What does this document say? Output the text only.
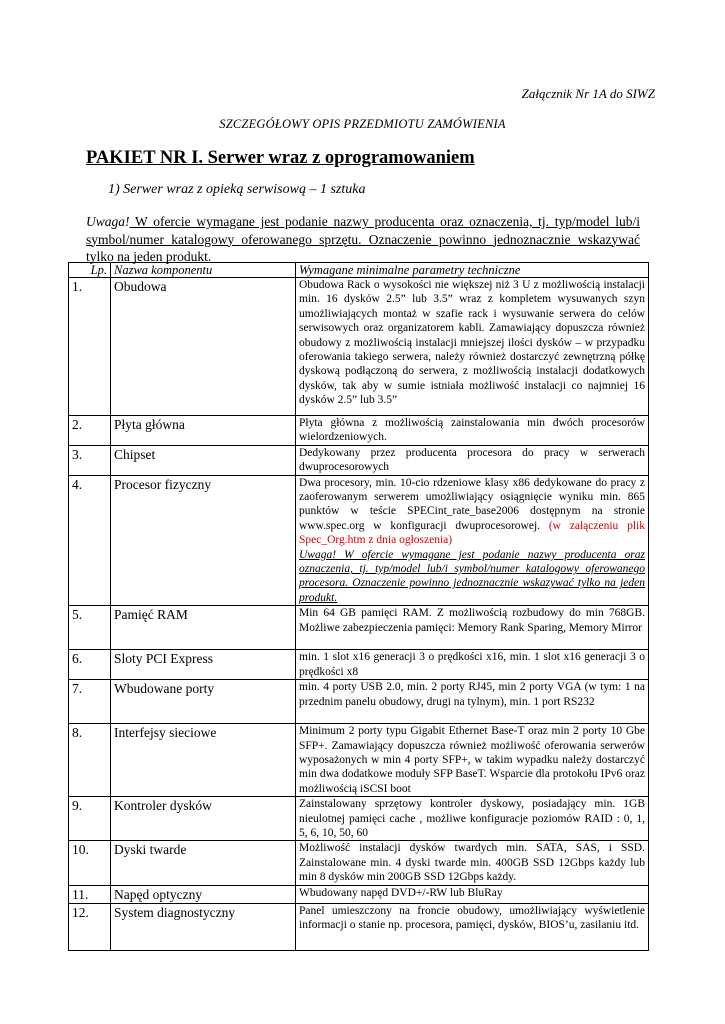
Załącznik Nr 1A do SIWZ
SZCZEGÓŁOWY OPIS PRZEDMIOTU ZAMÓWIENIA
PAKIET NR I. Serwer wraz z oprogramowaniem
1) Serwer wraz z opieką serwisową – 1 sztuka
Uwaga! W ofercie wymagane jest podanie nazwy producenta oraz oznaczenia, tj. typ/model lub/i symbol/numer katalogowy oferowanego sprzętu. Oznaczenie powinno jednoznacznie wskazywać tylko na jeden produkt.
Lp.	Nazwa komponentu	Wymagane minimalne parametry techniczne
1.	Obudowa	Obudowa Rack o wysokości nie większej niż 3 U z możliwością instalacji min. 16 dysków 2.5” lub 3.5” wraz z kompletem wysuwanych szyn umożliwiających montaż w szafie rack i wysuwanie serwera do celów serwisowych oraz organizatorem kabli. Zamawiający dopuszcza również obudowy z możliwością instalacji mniejszej ilości dysków – w przypadku oferowania takiego serwera, należy również dostarczyć zewnętrzną półkę dyskową podłączoną do serwera, z możliwością instalacji dodatkowych dysków, tak aby w sumie istniała możliwość instalacji co najmniej 16 dysków 2.5” lub 3.5”
2.	Płyta główna	Płyta główna z możliwością zainstalowania min dwóch procesorów wielordzeniowych.
3.	Chipset	Dedykowany przez producenta procesora do pracy w serwerach dwuprocesorowych
4.	Procesor fizyczny	Dwa procesory, min. 10-cio rdzeniowe klasy x86 dedykowane do pracy z zaoferowanym serwerem umożliwiający osiągnięcie wyniku min. 865 punktów w teście SPECint_rate_base2006 dostępnym na stronie www.spec.org w konfiguracji dwuprocesorowej. (w załączeniu plik Spec_Org.htm z dnia ogłoszenia)
Uwaga! W ofercie wymagane jest podanie nazwy producenta oraz oznaczenia, tj. typ/model lub/i symbol/numer katalogowy oferowanego procesora. Oznaczenie powinno jednoznacznie wskazywać tylko na jeden produkt.
5.	Pamięć RAM	Min 64 GB pamięci RAM. Z możliwością rozbudowy do min 768GB. Możliwe zabezpieczenia pamięci: Memory Rank Sparing, Memory Mirror
6.	Sloty PCI Express	min. 1 slot x16 generacji 3 o prędkości x16, min. 1 slot x16 generacji 3 o prędkości x8
7.	Wbudowane porty	min. 4 porty USB 2.0, min. 2 porty RJ45, min 2 porty VGA (w tym: 1 na przednim panelu obudowy, drugi na tylnym), min. 1 port RS232
8.	Interfejsy sieciowe	Minimum 2 porty typu Gigabit Ethernet Base-T oraz min 2 porty 10 Gbe SFP+. Zamawiający dopuszcza również możliwość oferowania serwerów wyposażonych w min 4 porty SFP+, w takim wypadku należy dostarczyć min dwa dodatkowe moduły SFP BaseT. Wsparcie dla protokołu IPv6 oraz możliwością iSCSI boot
9.	Kontroler dysków	Zainstalowany sprzętowy kontroler dyskowy, posiadający min. 1GB nieulotnej pamięci cache , możliwe konfiguracje poziomów RAID : 0, 1, 5, 6, 10, 50, 60
10.	Dyski twarde	Możliwość instalacji dysków twardych min. SATA, SAS, i SSD. Zainstalowane min. 4 dyski twarde min. 400GB SSD 12Gbps każdy lub min 8 dysków min 200GB SSD 12Gbps każdy.
11.	Napęd optyczny	Wbudowany napęd DVD+/-RW lub BluRay
12.	System diagnostyczny	Panel umieszczony na froncie obudowy, umożliwiający wyświetlenie informacji o stanie np. procesora, pamięci, dysków, BIOS’u, zasilaniu itd.
